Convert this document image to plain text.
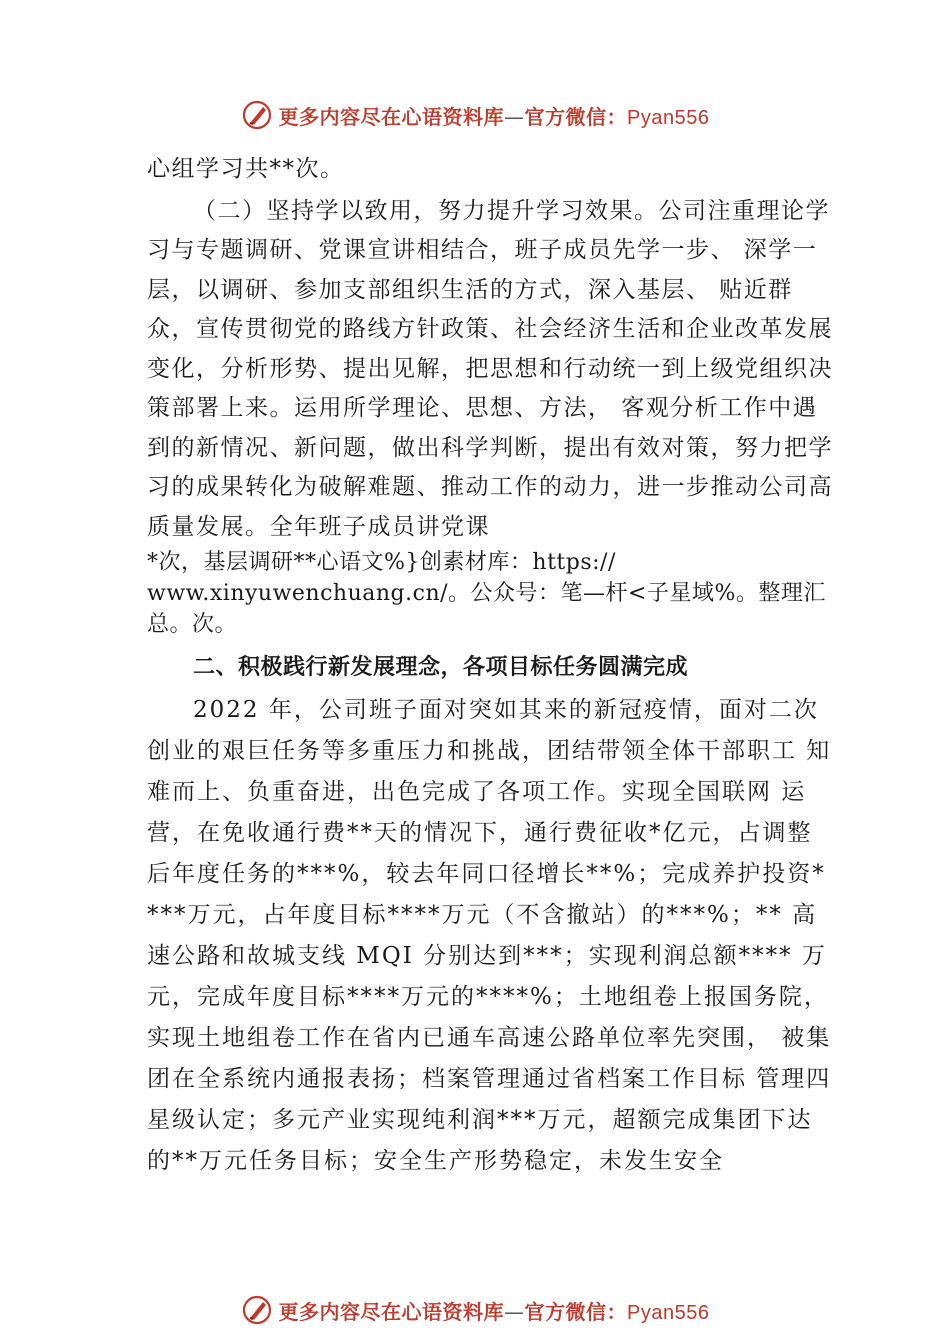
更多内容尽在心语资料库—官方微信：Pyan556

心组学习共**次。

（二）坚持学以致用，努力提升学习效果。公司注重理论学习与专题调研、党课宣讲相结合，班子成员先学一步、 深学一层，以调研、参加支部组织生活的方式，深入基层、 贴近群众，宣传贯彻党的路线方针政策、社会经济生活和企业改革发展变化，分析形势、提出见解，把思想和行动统一到上级党组织决策部署上来。运用所学理论、思想、方法， 客观分析工作中遇到的新情况、新问题，做出科学判断，提出有效对策，努力把学习的成果转化为破解难题、推动工作的动力，进一步推动公司高质量发展。全年班子成员讲党课

*次，基层调研**心语文%}创素材库：https://

www.xinyuwenchuang.cn/。公众号：笔—杆<子星域%。整理汇总。次。

二、积极践行新发展理念，各项目标任务圆满完成

2022 年，公司班子面对突如其来的新冠疫情，面对二次创业的艰巨任务等多重压力和挑战，团结带领全体干部职工 知难而上、负重奋进，出色完成了各项工作。实现全国联网 运营，在免收通行费**天的情况下，通行费征收*亿元，占调整后年度任务的***%，较去年同口径增长**%；完成养护投资****万元，占年度目标****万元（不含撤站）的***%；** 高速公路和故城支线 MQI 分别达到***；实现利润总额**** 万元，完成年度目标****万元的****%；土地组卷上报国务院，实现土地组卷工作在省内已通车高速公路单位率先突围， 被集团在全系统内通报表扬；档案管理通过省档案工作目标 管理四星级认定；多元产业实现纯利润***万元，超额完成集团下达的**万元任务目标；安全生产形势稳定，未发生安全

更多内容尽在心语资料库—官方微信：Pyan556
